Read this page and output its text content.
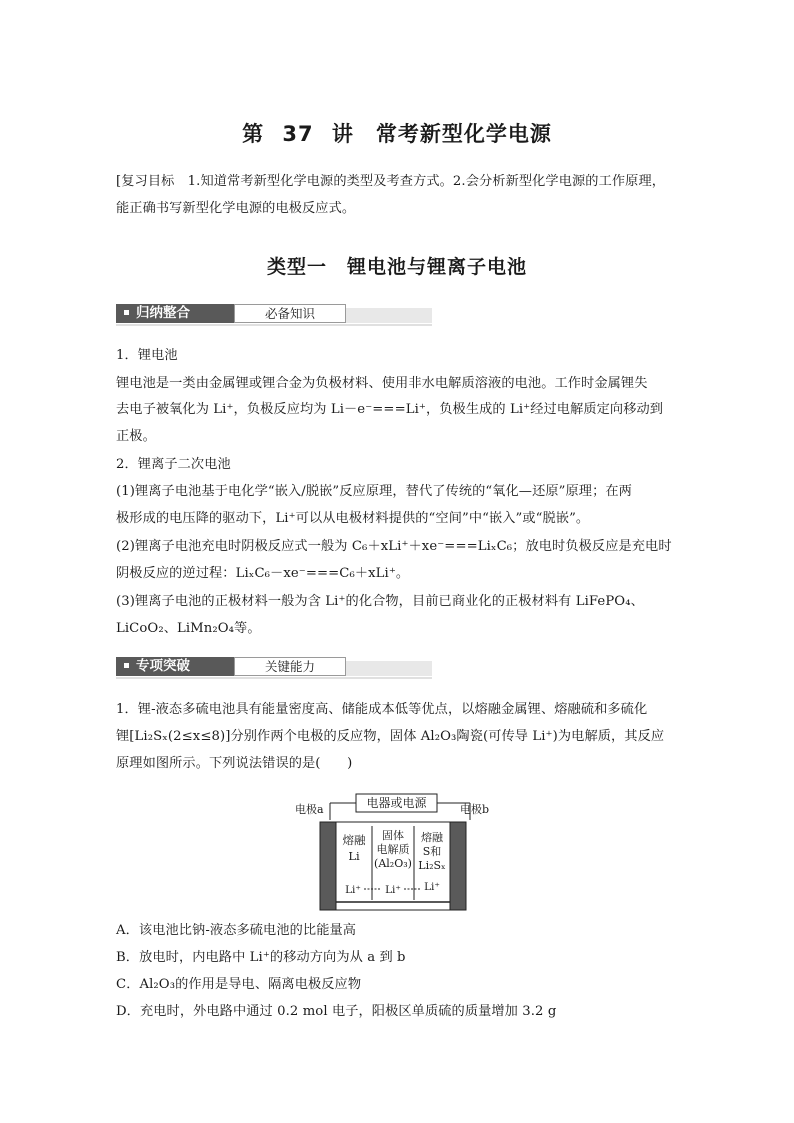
第 37 讲　常考新型化学电源
[复习目标　1.知道常考新型化学电源的类型及考查方式。2.会分析新型化学电源的工作原理，
能正确书写新型化学电源的电极反应式。
类型一　锂电池与锂离子电池
归纳整合	必备知识
1．锂电池
锂电池是一类由金属锂或锂合金为负极材料、使用非水电解质溶液的电池。工作时金属锂失
去电子被氧化为 Li⁺，负极反应均为 Li－e⁻===Li⁺，负极生成的 Li⁺经过电解质定向移动到
正极。
2．锂离子二次电池
(1)锂离子电池基于电化学“嵌入/脱嵌”反应原理，替代了传统的“氧化—还原”原理；在两
极形成的电压降的驱动下，Li⁺可以从电极材料提供的“空间”中“嵌入”或“脱嵌”。
(2)锂离子电池充电时阴极反应式一般为 C₆＋xLi⁺＋xe⁻===LiₓC₆；放电时负极反应是充电时
阴极反应的逆过程：LiₓC₆－xe⁻===C₆＋xLi⁺。
(3)锂离子电池的正极材料一般为含 Li⁺的化合物，目前已商业化的正极材料有 LiFePO₄、
LiCoO₂、LiMn₂O₄等。
专项突破	关键能力
1．锂-液态多硫电池具有能量密度高、储能成本低等优点，以熔融金属锂、熔融硫和多硫化
锂[Li₂Sₓ(2≤x≤8)]分别作两个电极的反应物，固体 Al₂O₃陶瓷(可传导 Li⁺)为电解质，其反应
原理如图所示。下列说法错误的是(　　)
电器或电源
电极a	电极b
熔融
Li
固体
电解质
(Al₂O₃)
熔融
S和
Li₂Sₓ
Li⁺ Li⁺ Li⁺
A．该电池比钠-液态多硫电池的比能量高
B．放电时，内电路中 Li⁺的移动方向为从 a 到 b
C．Al₂O₃的作用是导电、隔离电极反应物
D．充电时，外电路中通过 0.2 mol 电子，阳极区单质硫的质量增加 3.2 g
